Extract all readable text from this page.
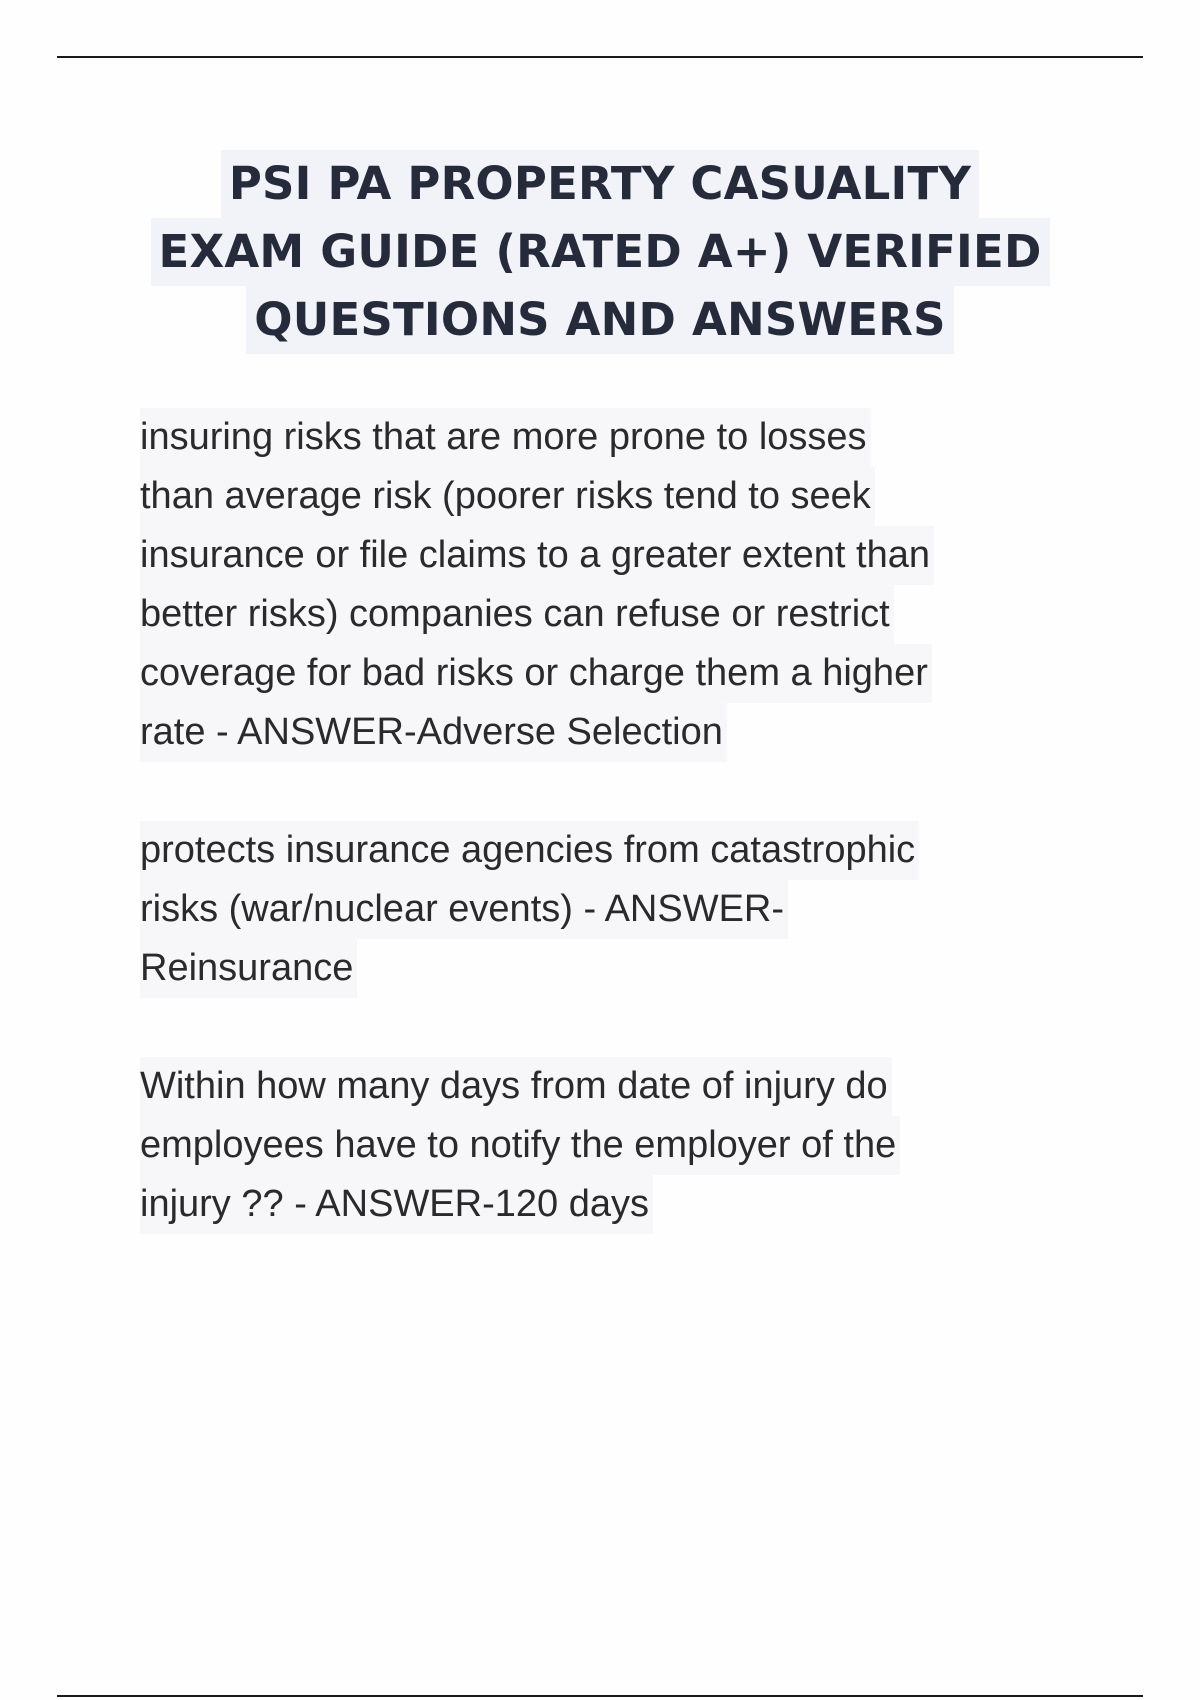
PSI PA PROPERTY CASUALITY
EXAM GUIDE (RATED A+) VERIFIED
QUESTIONS AND ANSWERS
insuring risks that are more prone to losses
than average risk (poorer risks tend to seek
insurance or file claims to a greater extent than
better risks) companies can refuse or restrict
coverage for bad risks or charge them a higher
rate - ANSWER-Adverse Selection
protects insurance agencies from catastrophic
risks (war/nuclear events) - ANSWER-
Reinsurance
Within how many days from date of injury do
employees have to notify the employer of the
injury ?? - ANSWER-120 days
